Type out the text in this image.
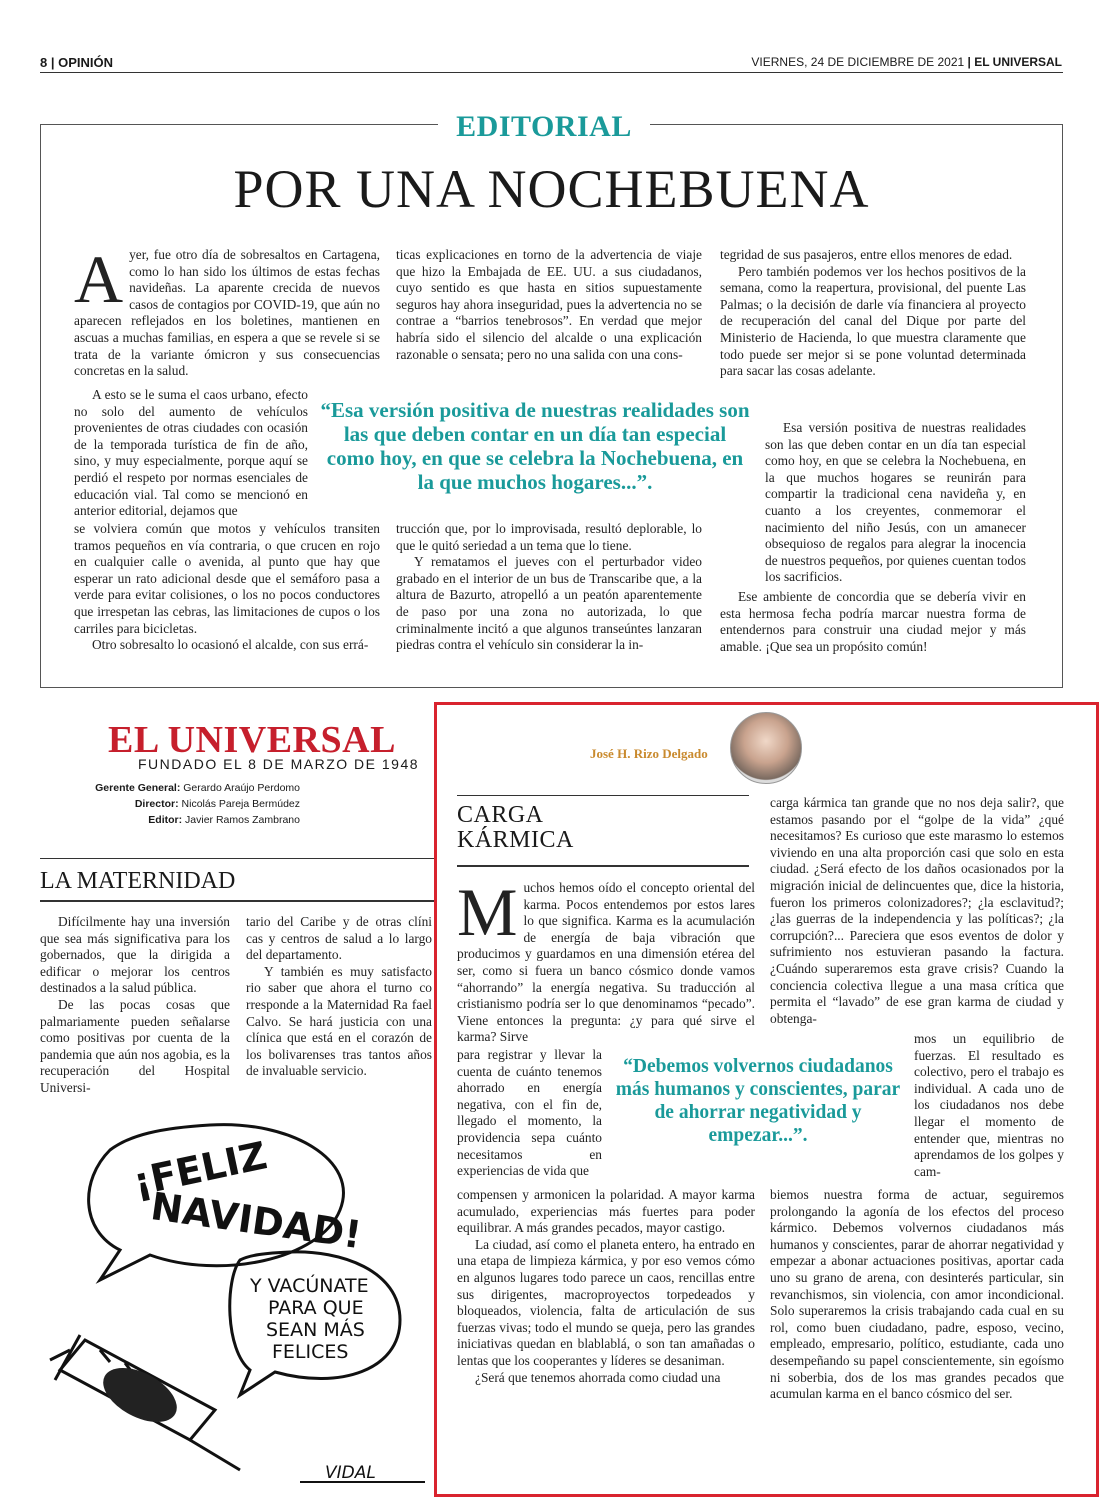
8 | OPINIÓN	VIERNES, 24 DE DICIEMBRE DE 2021 | EL UNIVERSAL
EDITORIAL
POR UNA NOCHEBUENA

Ayer, fue otro día de sobresaltos en Cartagena, como lo han sido los últimos de estas fechas navideñas. La aparente crecida de nuevos casos de contagios por COVID-19, que aún no aparecen reflejados en los boletines, mantienen en ascuas a muchas familias, en espera a que se revele si se trata de la variante ómicron y sus consecuencias concretas en la salud.

A esto se le suma el caos urbano, efecto no solo del aumento de vehículos provenientes de otras ciudades con ocasión de la temporada turística de fin de año, sino, y muy especialmente, porque aquí se perdió el respeto por normas esenciales de educación vial. Tal como se mencionó en anterior editorial, dejamos que

se volviera común que motos y vehículos transiten tramos pequeños en vía contraria, o que crucen en rojo en cualquier calle o avenida, al punto que hay que esperar un rato adicional desde que el semáforo pasa a verde para evitar colisiones, o los no pocos conductores que irrespetan las cebras, las limitaciones de cupos o los carriles para bicicletas.

Otro sobresalto lo ocasionó el alcalde, con sus errá-

ticas explicaciones en torno de la advertencia de viaje que hizo la Embajada de EE. UU. a sus ciudadanos, cuyo sentido es que hasta en sitios supuestamente seguros hay ahora inseguridad, pues la advertencia no se contrae a “barrios tenebrosos”. En verdad que mejor habría sido el silencio del alcalde o una explicación razonable o sensata; pero no una salida con una cons-

trucción que, por lo improvisada, resultó deplorable, lo que le quitó seriedad a un tema que lo tiene.

Y rematamos el jueves con el perturbador video grabado en el interior de un bus de Transcaribe que, a la altura de Bazurto, atropelló a un peatón aparentemente de paso por una zona no autorizada, lo que criminalmente incitó a que algunos transeúntes lanzaran piedras contra el vehículo sin considerar la in-

tegridad de sus pasajeros, entre ellos menores de edad.

Pero también podemos ver los hechos positivos de la semana, como la reapertura, provisional, del puente Las Palmas; o la decisión de darle vía financiera al proyecto de recuperación del canal del Dique por parte del Ministerio de Hacienda, lo que muestra claramente que todo puede ser mejor si se pone voluntad determinada para sacar las cosas adelante.

Esa versión positiva de nuestras realidades son las que deben contar en un día tan especial como hoy, en que se celebra la Nochebuena, en la que muchos hogares se reunirán para compartir la tradicional cena navideña y, en cuanto a los creyentes, conmemorar el nacimiento del niño Jesús, con un amanecer obsequioso de regalos para alegrar la inocencia de nuestros pequeños, por quienes cuentan todos los sacrificios.

Ese ambiente de concordia que se debería vivir en esta hermosa fecha podría marcar nuestra forma de entendernos para construir una ciudad mejor y más amable. ¡Que sea un propósito común!

“Esa versión positiva de nuestras realidades son las que deben contar en un día tan especial como hoy, en que se celebra la Nochebuena, en la que muchos hogares...”.
EL UNIVERSAL
FUNDADO EL 8 DE MARZO DE 1948
Gerente General: Gerardo Araújo Perdomo
Director: Nicolás Pareja Bermúdez
Editor: Javier Ramos Zambrano
LA MATERNIDAD

Difícilmente hay una inversión que sea más significativa para los gobernados, que la dirigida a edificar o mejorar los centros destinados a la salud pública.

De las pocas cosas que palmariamente pueden señalarse como positivas por cuenta de la pandemia que aún nos agobia, es la recuperación del Hospital Universi-

tario del Caribe y de otras clíni cas y centros de salud a lo largo del departamento.

Y también es muy satisfacto rio saber que ahora el turno co rresponde a la Maternidad Ra fael Calvo. Se hará justicia con una clínica que está en el corazón de los bolivarenses tras tantos años de invaluable servicio.

¡FELIZ
NAVIDAD!
Y VACÚNATE
PARA QUE
SEAN MÁS
FELICES
VIDAL
José H. Rizo Delgado
CARGA
KÁRMICA

Muchos hemos oído el concepto oriental del karma. Pocos entendemos por estos lares lo que significa. Karma es la acumulación de energía de baja vibración que producimos y guardamos en una dimensión etérea del ser, como si fuera un banco cósmico donde vamos “ahorrando” la energía negativa. Su traducción al cristianismo podría ser lo que denominamos “pecado”. Viene entonces la pregunta: ¿y para qué sirve el karma? Sirve

para registrar y llevar la cuenta de cuánto tenemos ahorrado en energía negativa, con el fin de, llegado el momento, la providencia sepa cuánto necesitamos en experiencias de vida que

compensen y armonicen la polaridad. A mayor karma acumulado, experiencias más fuertes para poder equilibrar. A más grandes pecados, mayor castigo.

La ciudad, así como el planeta entero, ha entrado en una etapa de limpieza kármica, y por eso vemos cómo en algunos lugares todo parece un caos, rencillas entre sus dirigentes, macroproyectos torpedeados y bloqueados, violencia, falta de articulación de sus fuerzas vivas; todo el mundo se queja, pero las grandes iniciativas quedan en blablablá, o son tan amañadas o lentas que los cooperantes y líderes se desaniman.

¿Será que tenemos ahorrada como ciudad una

carga kármica tan grande que no nos deja salir?, que estamos pasando por el “golpe de la vida” ¿qué necesitamos? Es curioso que este marasmo lo estemos viviendo en una alta proporción casi que solo en esta ciudad. ¿Será efecto de los daños ocasionados por la migración inicial de delincuentes que, dice la historia, fueron los primeros colonizadores?; ¿la esclavitud?; ¿las guerras de la independencia y las políticas?; ¿la corrupción?... Pareciera que esos eventos de dolor y sufrimiento nos estuvieran pasando la factura. ¿Cuándo superaremos esta grave crisis? Cuando la conciencia colectiva llegue a una masa crítica que permita el “lavado” de ese gran karma de ciudad y obtenga-

mos un equilibrio de fuerzas. El resultado es colectivo, pero el trabajo es individual. A cada uno de los ciudadanos nos debe llegar el momento de entender que, mientras no aprendamos de los golpes y cam-

biemos nuestra forma de actuar, seguiremos prolongando la agonía de los efectos del proceso kármico. Debemos volvernos ciudadanos más humanos y conscientes, parar de ahorrar negatividad y empezar a abonar actuaciones positivas, aportar cada uno su grano de arena, con desinterés particular, sin revanchismos, sin violencia, con amor incondicional. Solo superaremos la crisis trabajando cada cual en su rol, como buen ciudadano, padre, esposo, vecino, empleado, empresario, político, estudiante, cada uno desempeñando su papel conscientemente, sin egoísmo ni soberbia, dos de los mas grandes pecados que acumulan karma en el banco cósmico del ser.

“Debemos volvernos ciudadanos más humanos y conscientes, parar de ahorrar negatividad y empezar...”.
